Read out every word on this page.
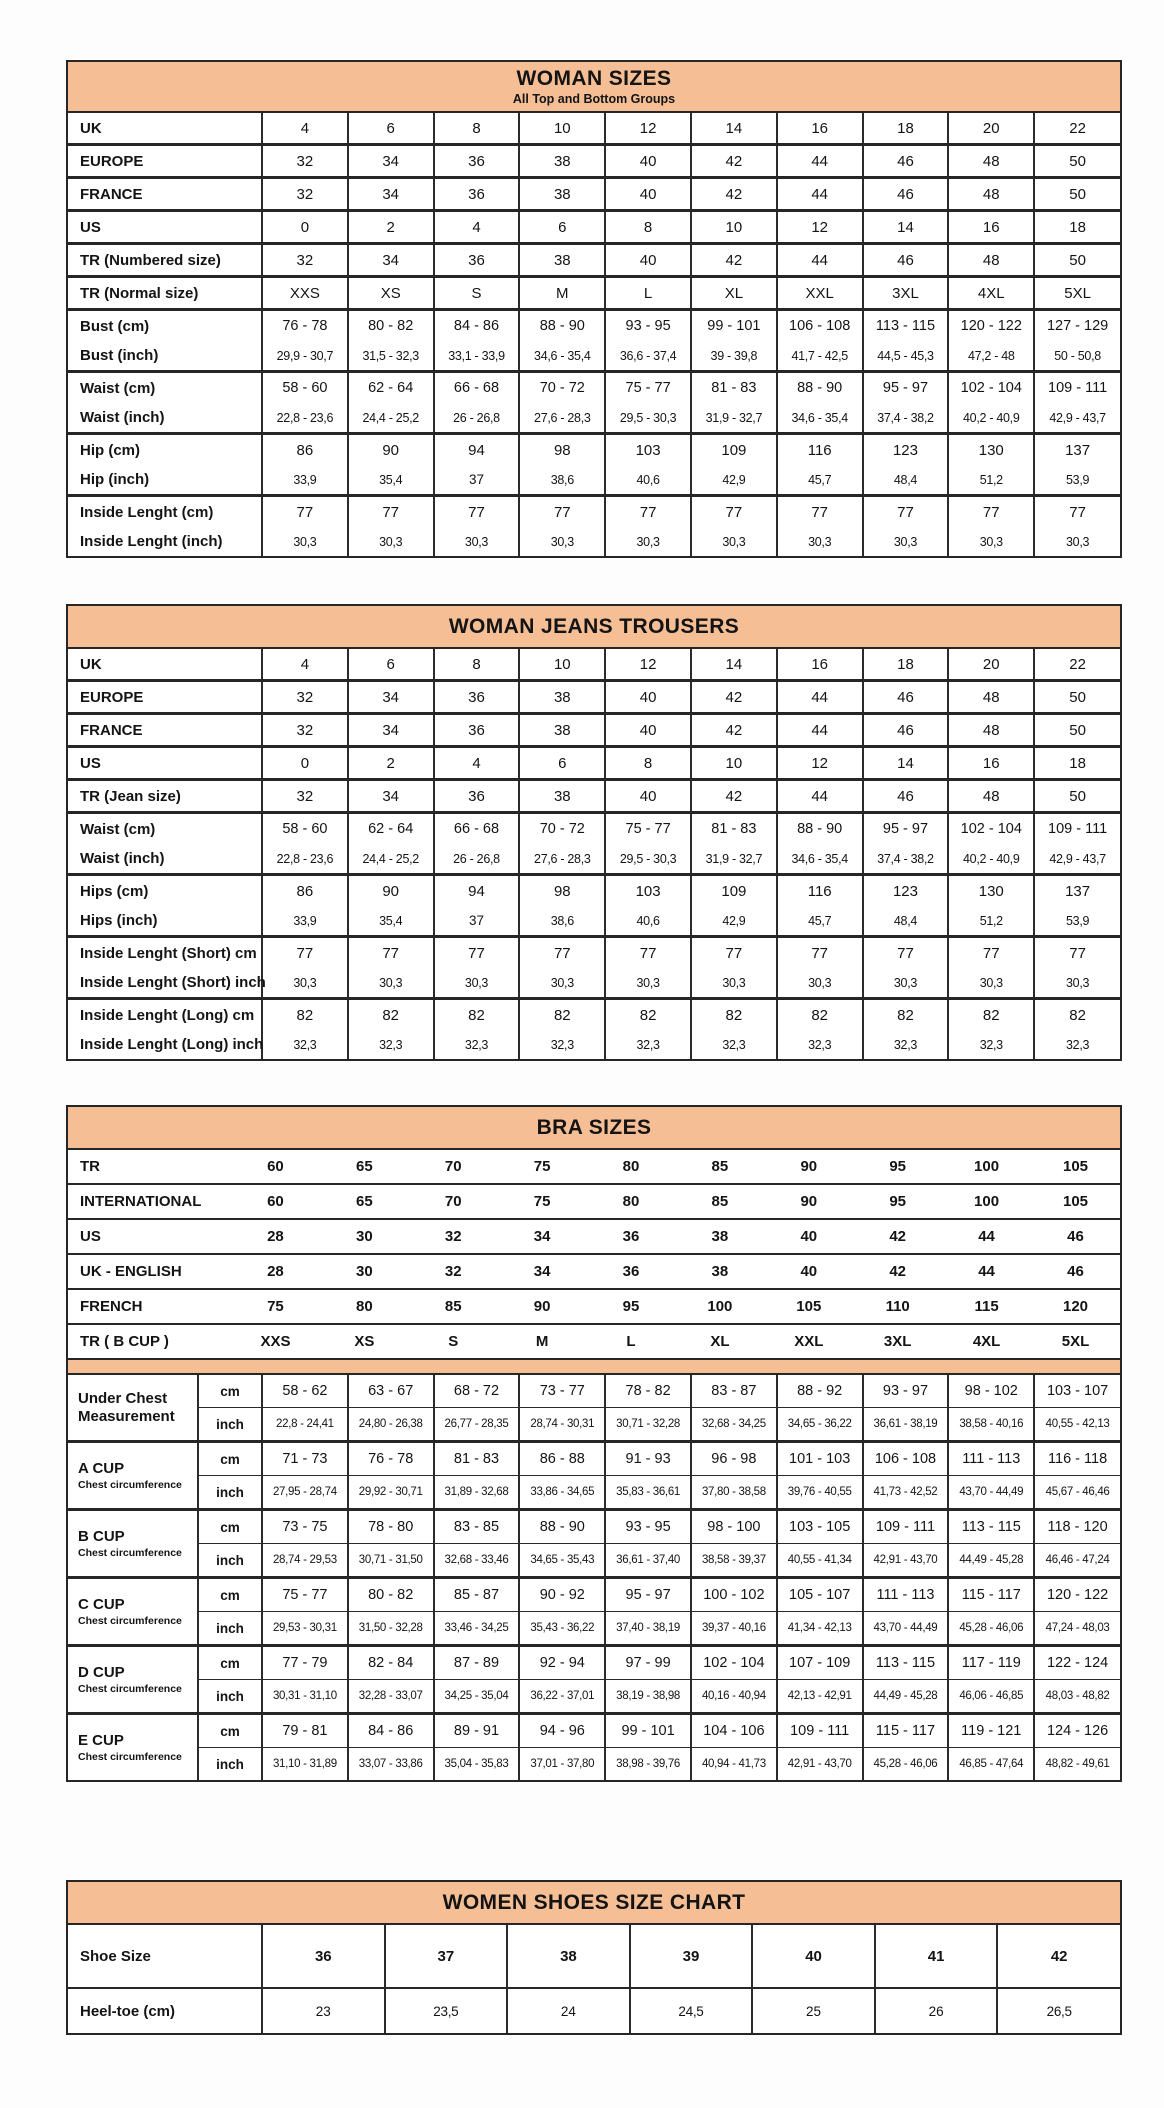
WOMAN SIZES
All Top and Bottom Groups
UK	4	6	8	10	12	14	16	18	20	22
EUROPE	32	34	36	38	40	42	44	46	48	50
FRANCE	32	34	36	38	40	42	44	46	48	50
US	0	2	4	6	8	10	12	14	16	18
TR (Numbered size)	32	34	36	38	40	42	44	46	48	50
TR (Normal size)	XXS	XS	S	M	L	XL	XXL	3XL	4XL	5XL
Bust (cm)	76 - 78	80 - 82	84 - 86	88 - 90	93 - 95	99 - 101	106 - 108	113 - 115	120 - 122	127 - 129
Bust (inch)	29,9 - 30,7	31,5 - 32,3	33,1 - 33,9	34,6 - 35,4	36,6 - 37,4	39 - 39,8	41,7 - 42,5	44,5 - 45,3	47,2 - 48	50 - 50,8
Waist (cm)	58 - 60	62 - 64	66 - 68	70 - 72	75 - 77	81 - 83	88 - 90	95 - 97	102 - 104	109 - 111
Waist (inch)	22,8 - 23,6	24,4 - 25,2	26 - 26,8	27,6 - 28,3	29,5 - 30,3	31,9 - 32,7	34,6 - 35,4	37,4 - 38,2	40,2 - 40,9	42,9 - 43,7
Hip (cm)	86	90	94	98	103	109	116	123	130	137
Hip (inch)	33,9	35,4	37	38,6	40,6	42,9	45,7	48,4	51,2	53,9
Inside Lenght (cm)	77	77	77	77	77	77	77	77	77	77
Inside Lenght (inch)	30,3	30,3	30,3	30,3	30,3	30,3	30,3	30,3	30,3	30,3
WOMAN JEANS TROUSERS
UK	4	6	8	10	12	14	16	18	20	22
EUROPE	32	34	36	38	40	42	44	46	48	50
FRANCE	32	34	36	38	40	42	44	46	48	50
US	0	2	4	6	8	10	12	14	16	18
TR (Jean size)	32	34	36	38	40	42	44	46	48	50
Waist (cm)	58 - 60	62 - 64	66 - 68	70 - 72	75 - 77	81 - 83	88 - 90	95 - 97	102 - 104	109 - 111
Waist (inch)	22,8 - 23,6	24,4 - 25,2	26 - 26,8	27,6 - 28,3	29,5 - 30,3	31,9 - 32,7	34,6 - 35,4	37,4 - 38,2	40,2 - 40,9	42,9 - 43,7
Hips (cm)	86	90	94	98	103	109	116	123	130	137
Hips (inch)	33,9	35,4	37	38,6	40,6	42,9	45,7	48,4	51,2	53,9
Inside Lenght (Short) cm	77	77	77	77	77	77	77	77	77	77
Inside Lenght (Short) inch	30,3	30,3	30,3	30,3	30,3	30,3	30,3	30,3	30,3	30,3
Inside Lenght (Long) cm	82	82	82	82	82	82	82	82	82	82
Inside Lenght (Long) inch	32,3	32,3	32,3	32,3	32,3	32,3	32,3	32,3	32,3	32,3
BRA SIZES
TR	60	65	70	75	80	85	90	95	100	105
INTERNATIONAL	60	65	70	75	80	85	90	95	100	105
US	28	30	32	34	36	38	40	42	44	46
UK - ENGLISH	28	30	32	34	36	38	40	42	44	46
FRENCH	75	80	85	90	95	100	105	110	115	120
TR ( B CUP )	XXS	XS	S	M	L	XL	XXL	3XL	4XL	5XL
Under Chest Measurement	cm	58 - 62	63 - 67	68 - 72	73 - 77	78 - 82	83 - 87	88 - 92	93 - 97	98 - 102	103 - 107
	inch	22,8 - 24,41	24,80 - 26,38	26,77 - 28,35	28,74 - 30,31	30,71 - 32,28	32,68 - 34,25	34,65 - 36,22	36,61 - 38,19	38,58 - 40,16	40,55 - 42,13

A CUP
Chest circumference	cm	71 - 73	76 - 78	81 - 83	86 - 88	91 - 93	96 - 98	101 - 103	106 - 108	111 - 113	116 - 118
	inch	27,95 - 28,74	29,92 - 30,71	31,89 - 32,68	33,86 - 34,65	35,83 - 36,61	37,80 - 38,58	39,76 - 40,55	41,73 - 42,52	43,70 - 44,49	45,67 - 46,46

B CUP
Chest circumference	cm	73 - 75	78 - 80	83 - 85	88 - 90	93 - 95	98 - 100	103 - 105	109 - 111	113 - 115	118 - 120
	inch	28,74 - 29,53	30,71 - 31,50	32,68 - 33,46	34,65 - 35,43	36,61 - 37,40	38,58 - 39,37	40,55 - 41,34	42,91 - 43,70	44,49 - 45,28	46,46 - 47,24

C CUP
Chest circumference	cm	75 - 77	80 - 82	85 - 87	90 - 92	95 - 97	100 - 102	105 - 107	111 - 113	115 - 117	120 - 122
	inch	29,53 - 30,31	31,50 - 32,28	33,46 - 34,25	35,43 - 36,22	37,40 - 38,19	39,37 - 40,16	41,34 - 42,13	43,70 - 44,49	45,28 - 46,06	47,24 - 48,03

D CUP
Chest circumference	cm	77 - 79	82 - 84	87 - 89	92 - 94	97 - 99	102 - 104	107 - 109	113 - 115	117 - 119	122 - 124
	inch	30,31 - 31,10	32,28 - 33,07	34,25 - 35,04	36,22 - 37,01	38,19 - 38,98	40,16 - 40,94	42,13 - 42,91	44,49 - 45,28	46,06 - 46,85	48,03 - 48,82

E CUP
Chest circumference	cm	79 - 81	84 - 86	89 - 91	94 - 96	99 - 101	104 - 106	109 - 111	115 - 117	119 - 121	124 - 126
	inch	31,10 - 31,89	33,07 - 33,86	35,04 - 35,83	37,01 - 37,80	38,98 - 39,76	40,94 - 41,73	42,91 - 43,70	45,28 - 46,06	46,85 - 47,64	48,82 - 49,61
WOMEN SHOES SIZE CHART
Shoe Size	36	37	38	39	40	41	42
Heel-toe (cm)	23	23,5	24	24,5	25	26	26,5
